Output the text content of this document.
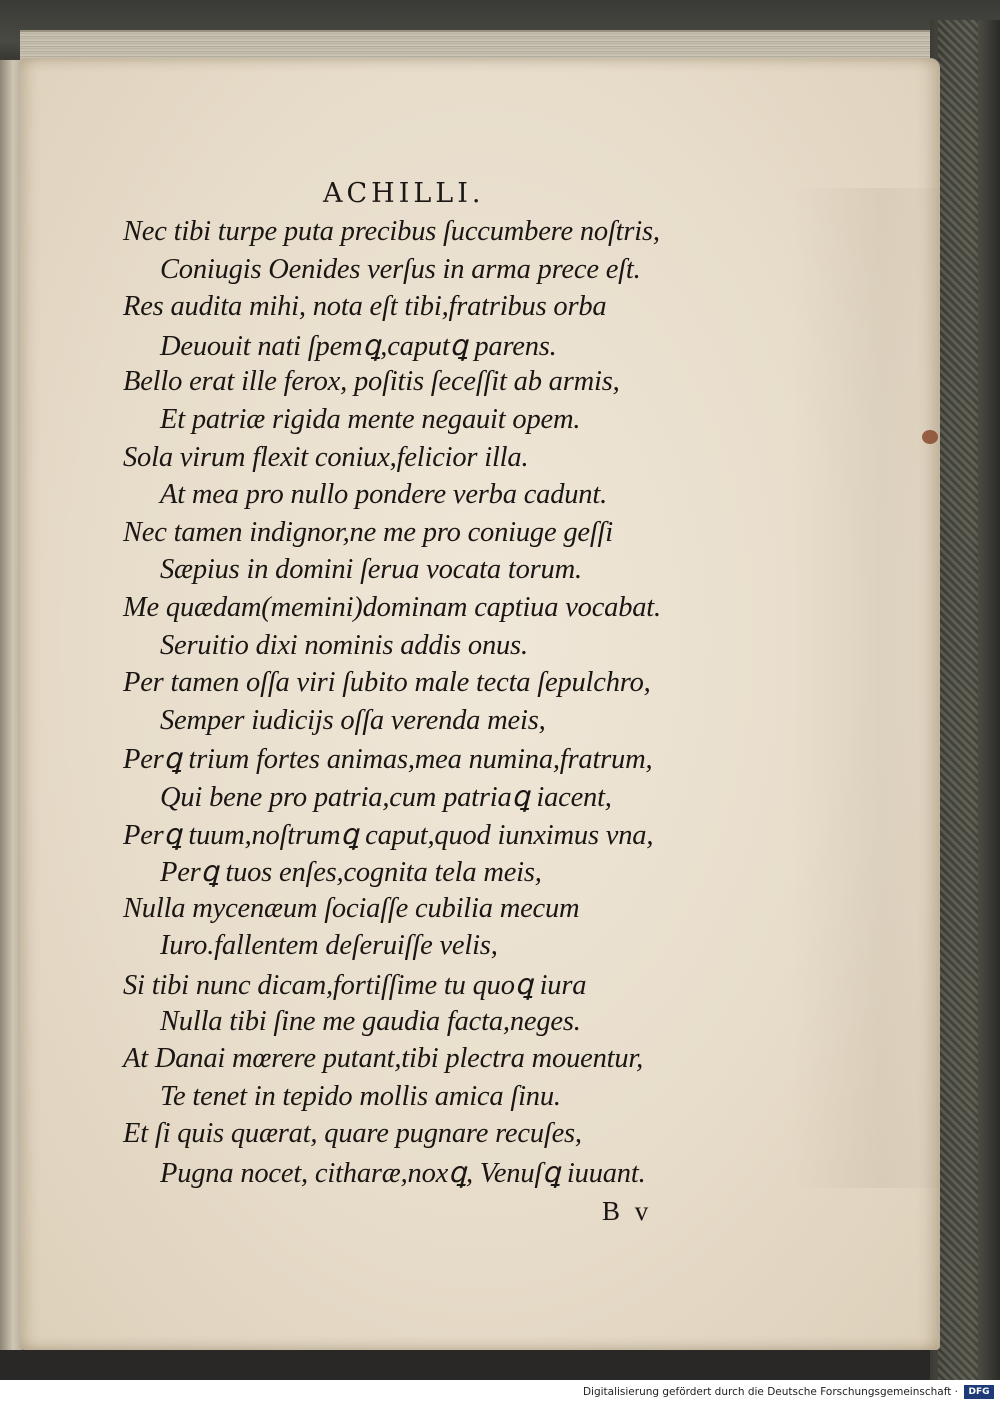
ACHILLI.
Nec tibi turpe puta precibus ſuccumbere noſtris,
Coniugis Oenides verſus in arma prece eſt.
Res audita mihi, nota eſt tibi,fratribus orba
Deuouit nati ſpemꝗ,caputꝗ parens.
Bello erat ille ferox, poſitis ſeceſſit ab armis,
Et patriæ rigida mente negauit opem.
Sola virum flexit coniux,felicior illa.
At mea pro nullo pondere verba cadunt.
Nec tamen indignor,ne me pro coniuge geſſi
Sæpius in domini ſerua vocata torum.
Me quædam(memini)dominam captiua vocabat.
Seruitio dixi nominis addis onus.
Per tamen oſſa viri ſubito male tecta ſepulchro,
Semper iudicijs oſſa verenda meis,
Perꝗ trium fortes animas,mea numina,fratrum,
Qui bene pro patria,cum patriaꝗ iacent,
Perꝗ tuum,noſtrumꝗ caput,quod iunximus vna,
Perꝗ tuos enſes,cognita tela meis,
Nulla mycenæum ſociaſſe cubilia mecum
Iuro.fallentem deſeruiſſe velis,
Si tibi nunc dicam,fortiſſime tu quoꝗ iura
Nulla tibi ſine me gaudia facta,neges.
At Danai mœrere putant,tibi plectra mouentur,
Te tenet in tepido mollis amica ſinu.
Et ſi quis quærat, quare pugnare recuſes,
Pugna nocet, citharæ,noxꝗ, Venuſꝗ iuuant.
B v
Digitalisierung gefördert durch die Deutsche Forschungsgemeinschaft ·	DFG
